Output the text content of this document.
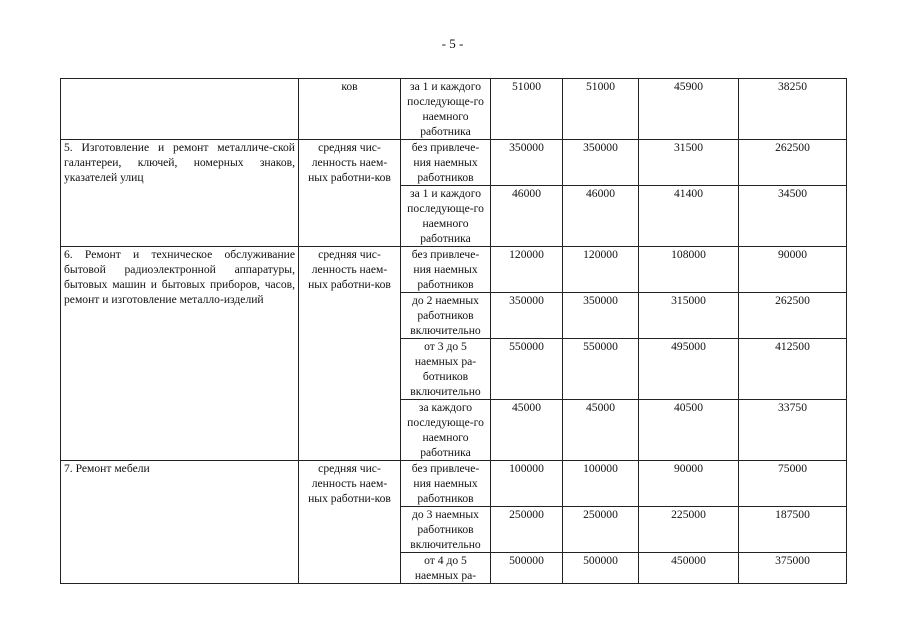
- 5 -
	ков	за 1 и каждого последующе-го наемного работника	51000	51000	45900	38250
5. Изготовление и ремонт металличе-ской галантереи, ключей, номерных знаков, указателей улиц	средняя чис-ленность наем-ных работни-ков	без привлече-ния наемных работников	350000	350000	31500	262500
		за 1 и каждого последующе-го наемного работника	46000	46000	41400	34500
6. Ремонт и техническое обслуживание бытовой радиоэлектронной аппаратуры, бытовых машин и бытовых приборов, часов, ремонт и изготовление металло-изделий	средняя чис-ленность наем-ных работни-ков	без привлече-ния наемных работников	120000	120000	108000	90000
		до 2 наемных работников включительно	350000	350000	315000	262500
		от 3 до 5 наемных ра-ботников включительно	550000	550000	495000	412500
		за каждого последующе-го наемного работника	45000	45000	40500	33750
7. Ремонт мебели	средняя чис-ленность наем-ных работни-ков	без привлече-ния наемных работников	100000	100000	90000	75000
		до 3 наемных работников включительно	250000	250000	225000	187500
		от 4 до 5 наемных ра-	500000	500000	450000	375000
